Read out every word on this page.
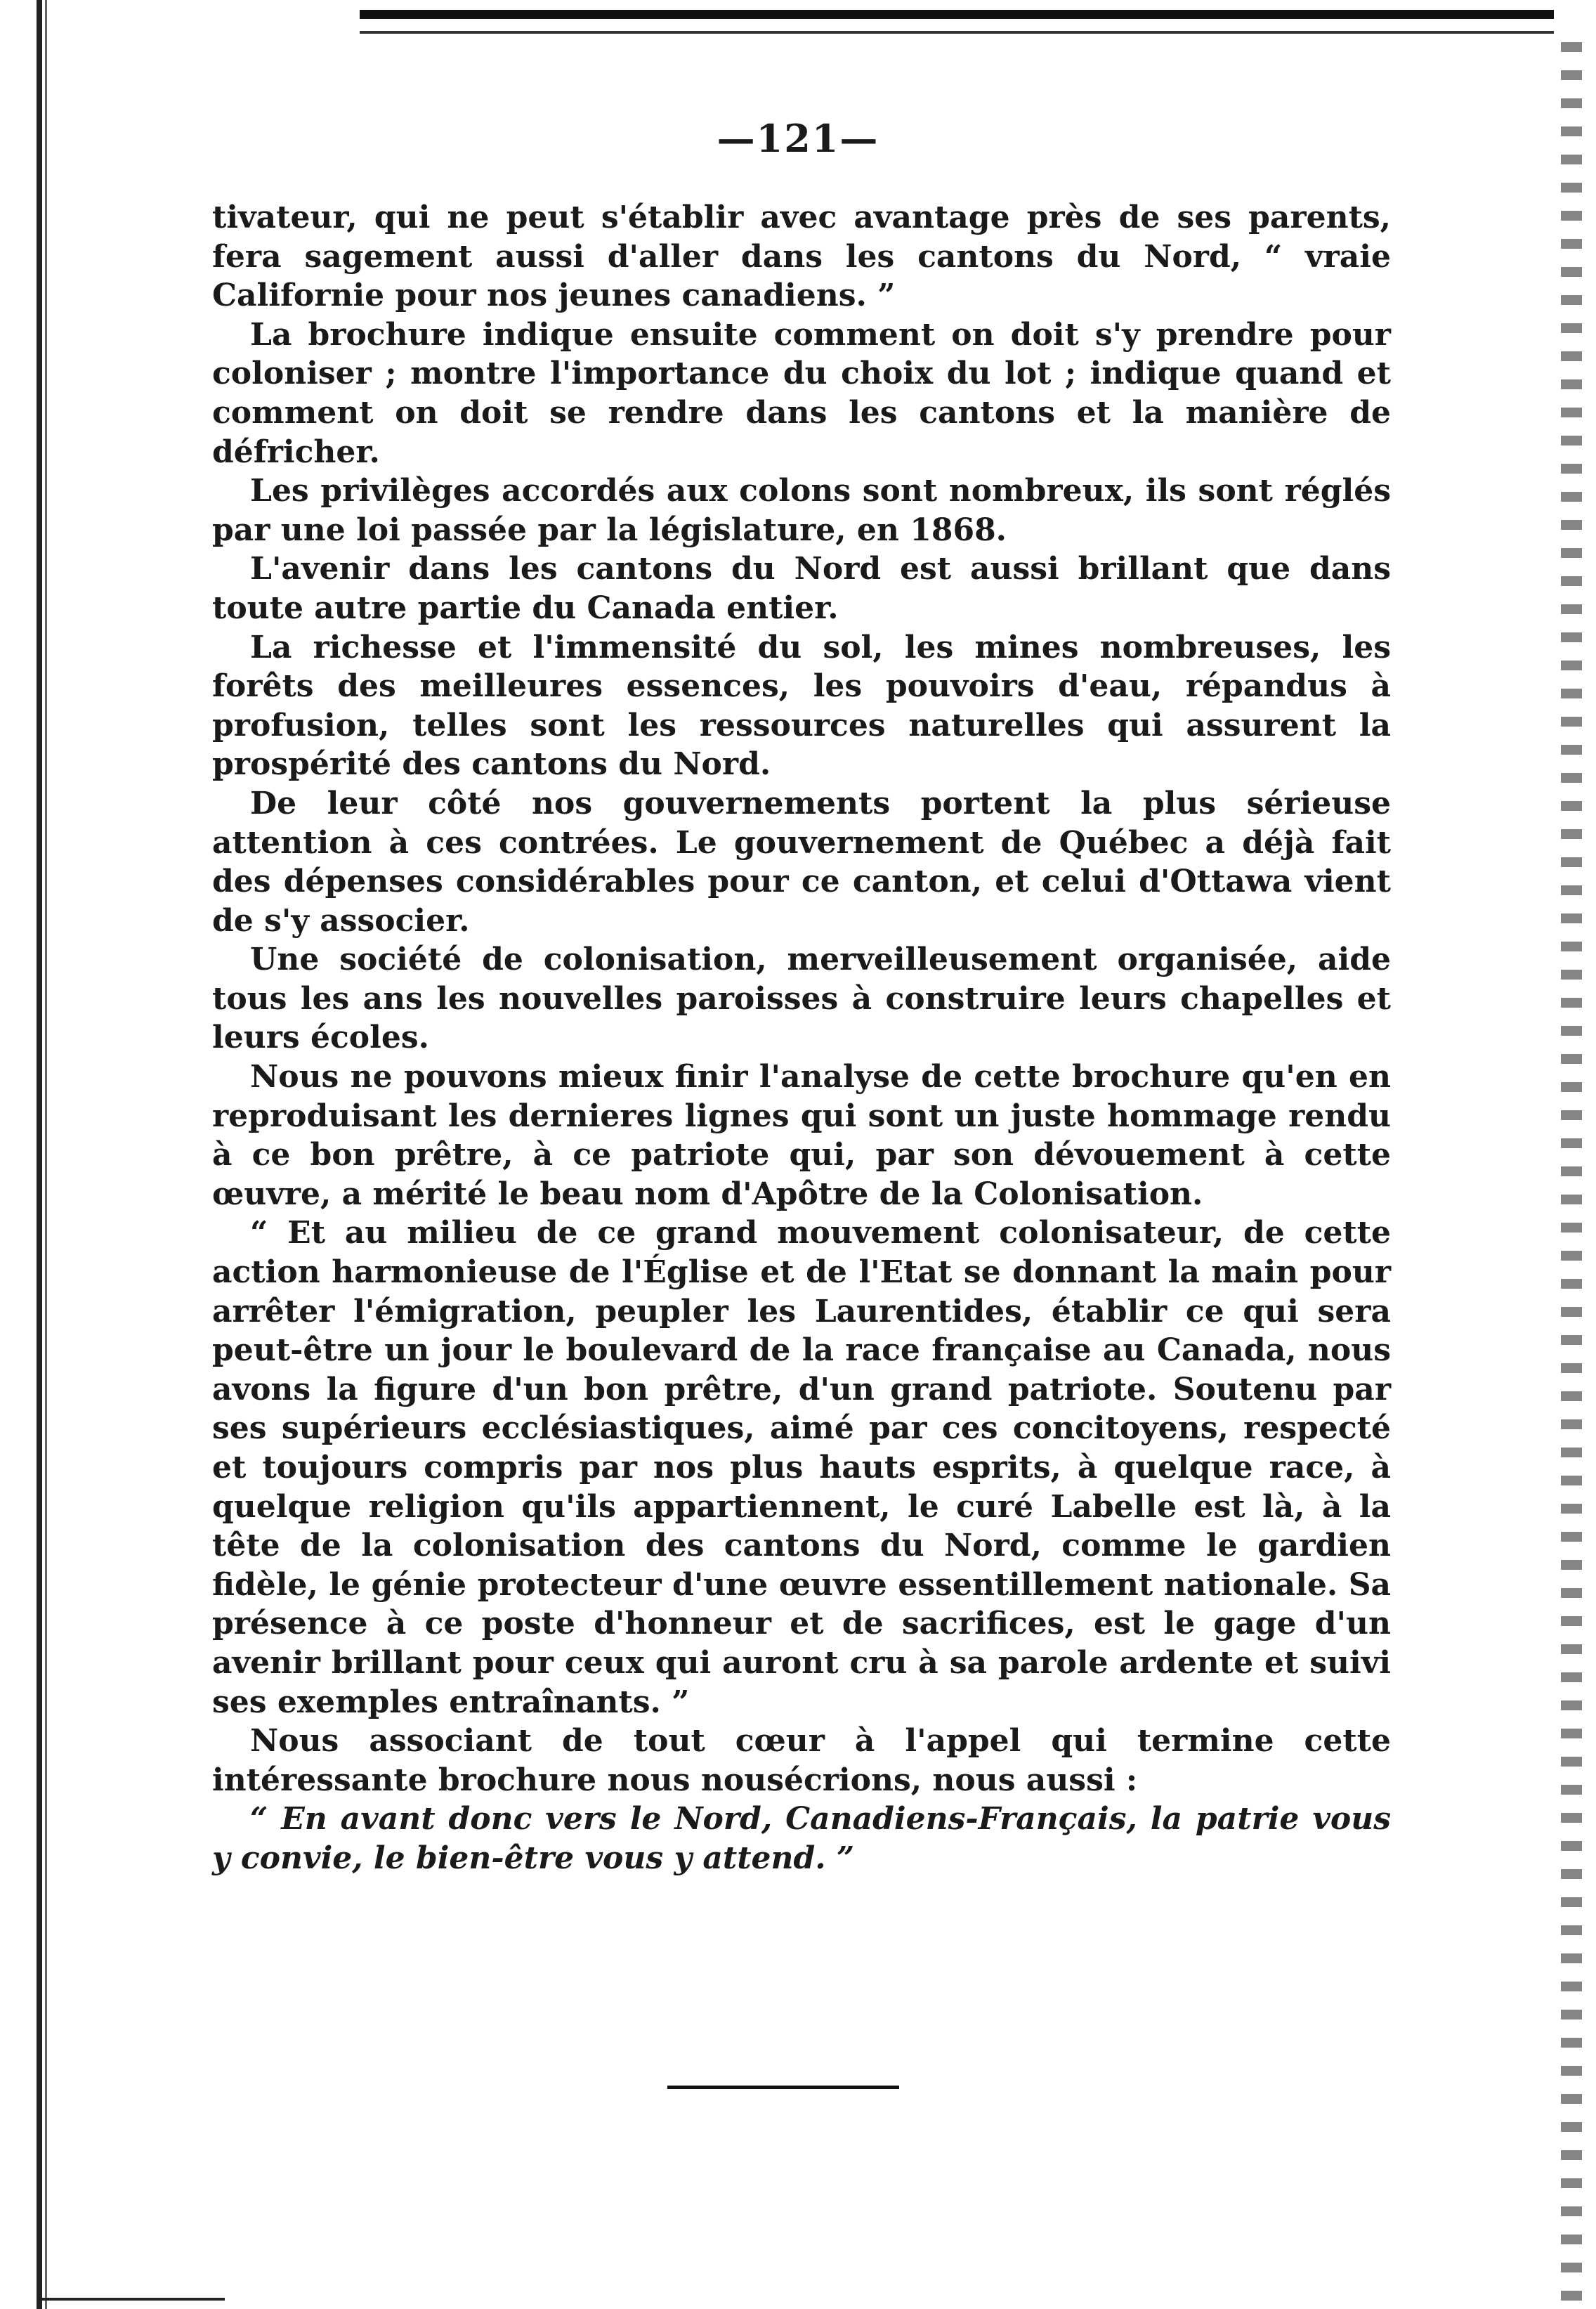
—121—

tivateur, qui ne peut s'établir avec avantage près de ses parents, fera sagement aussi d'aller dans les cantons du Nord, “ vraie Californie pour nos jeunes canadiens. ”

La brochure indique ensuite comment on doit s'y prendre pour coloniser ; montre l'importance du choix du lot ; indique quand et comment on doit se rendre dans les cantons et la manière de défricher.

Les privilèges accordés aux colons sont nombreux, ils sont réglés par une loi passée par la législature, en 1868.

L'avenir dans les cantons du Nord est aussi brillant que dans toute autre partie du Canada entier.

La richesse et l'immensité du sol, les mines nombreuses, les forêts des meilleures essences, les pouvoirs d'eau, répandus à profusion, telles sont les ressources naturelles qui assurent la prospérité des cantons du Nord.

De leur côté nos gouvernements portent la plus sérieuse attention à ces contrées. Le gouvernement de Québec a déjà fait des dépenses considérables pour ce canton, et celui d'Ottawa vient de s'y associer.

Une société de colonisation, merveilleusement organisée, aide tous les ans les nouvelles paroisses à construire leurs chapelles et leurs écoles.

Nous ne pouvons mieux finir l'analyse de cette brochure qu'en en reproduisant les dernieres lignes qui sont un juste hommage rendu à ce bon prêtre, à ce patriote qui, par son dévouement à cette œuvre, a mérité le beau nom d'Apôtre de la Colonisation.

“ Et au milieu de ce grand mouvement colonisateur, de cette action harmonieuse de l'Église et de l'Etat se donnant la main pour arrêter l'émigration, peupler les Laurentides, établir ce qui sera peut-être un jour le boulevard de la race française au Canada, nous avons la figure d'un bon prêtre, d'un grand patriote. Soutenu par ses supérieurs ecclésiastiques, aimé par ces concitoyens, respecté et toujours compris par nos plus hauts esprits, à quelque race, à quelque religion qu'ils appartiennent, le curé Labelle est là, à la tête de la colonisation des cantons du Nord, comme le gardien fidèle, le génie protecteur d'une œuvre essentillement nationale. Sa présence à ce poste d'honneur et de sacrifices, est le gage d'un avenir brillant pour ceux qui auront cru à sa parole ardente et suivi ses exemples entraînants. ”

Nous associant de tout cœur à l'appel qui termine cette intéressante brochure nous nousécrions, nous aussi :

“ En avant donc vers le Nord, Canadiens-Français, la patrie vous y convie, le bien-être vous y attend. ”
